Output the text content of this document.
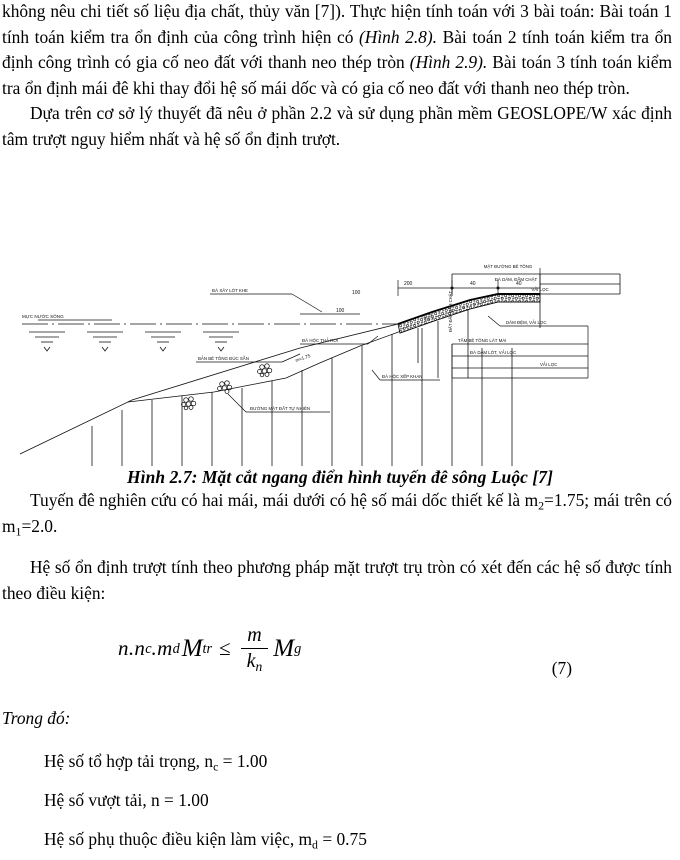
không nêu chi tiết số liệu địa chất, thủy văn [7]). Thực hiện tính toán với 3 bài toán: Bài toán 1 tính toán kiểm tra ổn định của công trình hiện có (Hình 2.8). Bài toán 2 tính toán kiểm tra ổn định công trình có gia cố neo đất với thanh neo thép tròn (Hình 2.9). Bài toán 3 tính toán kiểm tra ổn định mái đê khi thay đổi hệ số mái dốc và có gia cố neo đất với thanh neo thép tròn.

Dựa trên cơ sở lý thuyết đã nêu ở phần 2.2 và sử dụng phần mềm GEOSLOPE/W xác định tâm trượt nguy hiểm nhất và hệ số ổn định trượt.

MỰC NƯỚC SÔNG
ĐÁ XÂY LÓT KHE
BẢN BÊ TÔNG ĐÚC SẴN
ĐÁ HỘC THẢ RỜI
ĐƯỜNG MẶT ĐẤT TỰ NHIÊN
ĐÁ HỘC XẾP KHAN
MẶT ĐƯỜNG BÊ TÔNG
ĐÁ DĂM, ĐẦM CHẶT
VẢI LỌC
DĂM ĐỆM, VẢI LỌC
TẤM BÊ TÔNG LÁT MÁI
ĐÁ DĂM LÓT, VẢI LỌC
VẢI LỌC
200
100
40	40
100
m=2
m=1.75
ĐẤT ĐẮP ĐẦM CHẶT
Hình 2.7: Mặt cắt ngang điển hình tuyến đê sông Luộc [7]

Tuyến đê nghiên cứu có hai mái, mái dưới có hệ số mái dốc thiết kế là $m_2=1.75$; mái trên có $m_1=2.0$.

Hệ số ổn định trượt tính theo phương pháp mặt trượt trụ tròn có xét đến các hệ số được tính theo điều kiện:

n . n c . m d M tr ≤ $\frac{m}{k_n}$ M g
(7)

Trong đó:

Hệ số tổ hợp tải trọng, $n_c = 1.00$

Hệ số vượt tải, n = 1.00

Hệ số phụ thuộc điều kiện làm việc, $m_d = 0.75$
